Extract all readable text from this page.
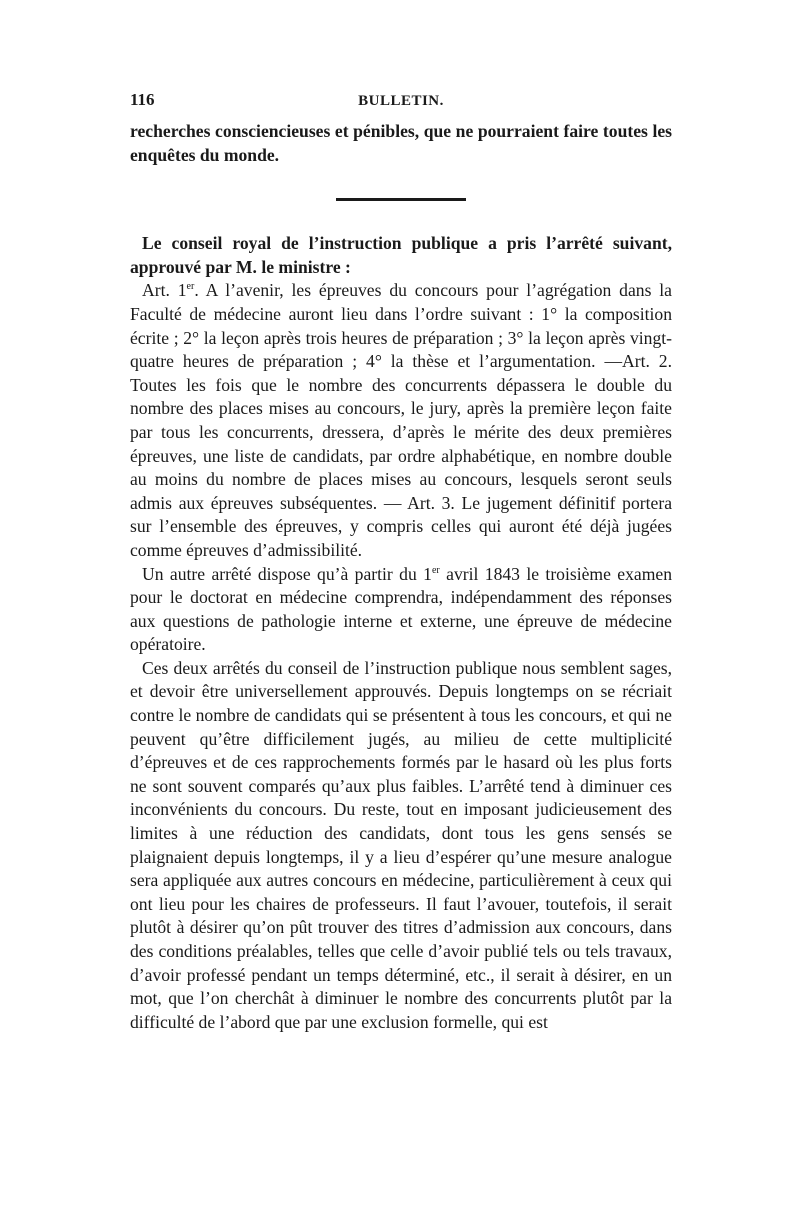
116	BULLETIN.

recherches consciencieuses et pénibles, que ne pourraient faire toutes les enquêtes du monde.

Le conseil royal de l’instruction publique a pris l’arrêté suivant, approuvé par M. le ministre :

Art. 1er. A l’avenir, les épreuves du concours pour l’agrégation dans la Faculté de médecine auront lieu dans l’ordre suivant : 1° la composition écrite ; 2° la leçon après trois heures de préparation ; 3° la leçon après vingt-quatre heures de préparation ; 4° la thèse et l’argumentation. —Art. 2. Toutes les fois que le nombre des concurrents dépassera le double du nombre des places mises au concours, le jury, après la première leçon faite par tous les concurrents, dressera, d’après le mérite des deux premières épreuves, une liste de candidats, par ordre alphabétique, en nombre double au moins du nombre de places mises au concours, lesquels seront seuls admis aux épreuves subséquentes. — Art. 3. Le jugement définitif portera sur l’ensemble des épreuves, y compris celles qui auront été déjà jugées comme épreuves d’admissibilité.

Un autre arrêté dispose qu’à partir du 1er avril 1843 le troisième examen pour le doctorat en médecine comprendra, indépendamment des réponses aux questions de pathologie interne et externe, une épreuve de médecine opératoire.

Ces deux arrêtés du conseil de l’instruction publique nous semblent sages, et devoir être universellement approuvés. Depuis longtemps on se récriait contre le nombre de candidats qui se présentent à tous les concours, et qui ne peuvent qu’être difficilement jugés, au milieu de cette multiplicité d’épreuves et de ces rapprochements formés par le hasard où les plus forts ne sont souvent comparés qu’aux plus faibles. L’arrêté tend à diminuer ces inconvénients du concours. Du reste, tout en imposant judicieusement des limites à une réduction des candidats, dont tous les gens sensés se plaignaient depuis longtemps, il y a lieu d’espérer qu’une mesure analogue sera appliquée aux autres concours en médecine, particulièrement à ceux qui ont lieu pour les chaires de professeurs. Il faut l’avouer, toutefois, il serait plutôt à désirer qu’on pût trouver des titres d’admission aux concours, dans des conditions préalables, telles que celle d’avoir publié tels ou tels travaux, d’avoir professé pendant un temps déterminé, etc., il serait à désirer, en un mot, que l’on cherchât à diminuer le nombre des concurrents plutôt par la difficulté de l’abord que par une exclusion formelle, qui est
